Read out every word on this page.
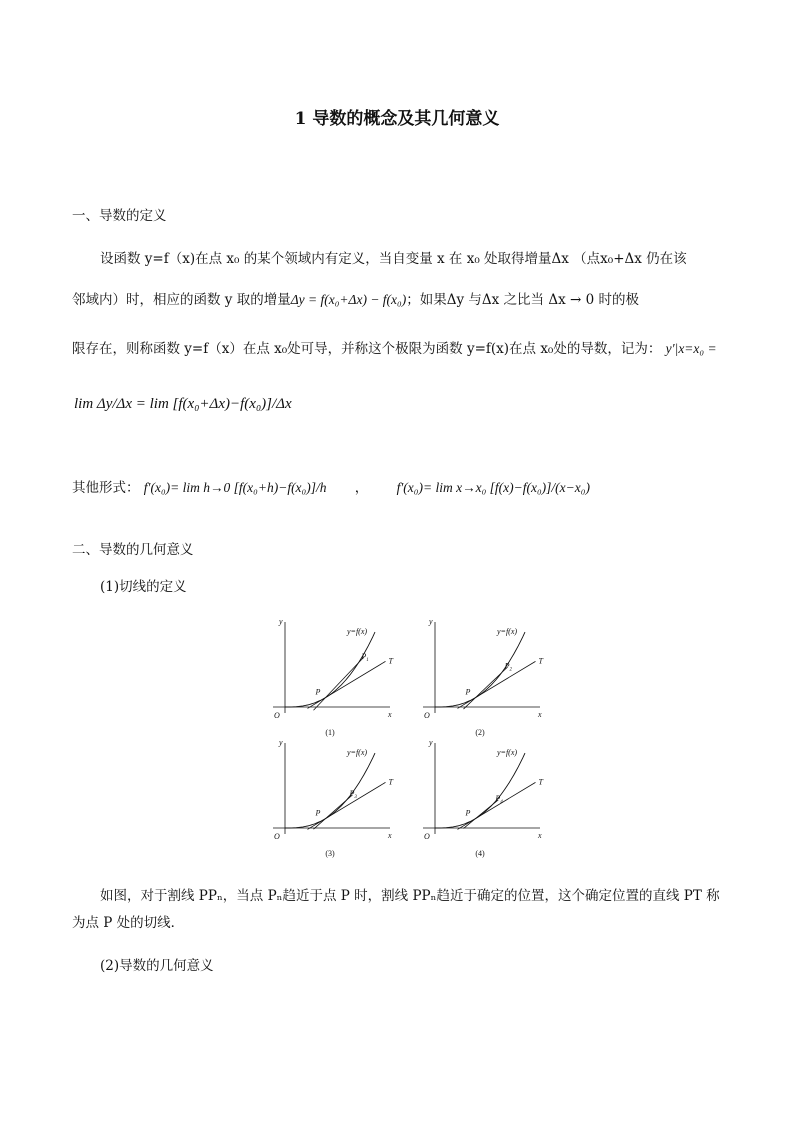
1 导数的概念及其几何意义
一、导数的定义
设函数 y=f（x)在点 x₀ 的某个领域内有定义，当自变量 x 在 x₀ 处取得增量Δx （点x₀+Δx 仍在该
邻域内）时，相应的函数 y 取的增量Δy = f(x₀+Δx) − f(x₀)；如果Δy 与Δx 之比当 Δx → 0 时的极
限存在，则称函数 y=f（x）在点 x₀处可导，并称这个极限为函数 y=f(x)在点 x₀处的导数，记为： y′|x=x₀ =
lim Δy/Δx = lim [f(x₀+Δx)−f(x₀)]/Δx
其他形式： f′(x₀)= lim h→0 [f(x₀+h)−f(x₀)]/h ， f′(x₀)= lim x→x₀ [f(x)−f(x₀)]/(x−x₀)
二、导数的几何意义
(1)切线的定义
x
y
O
y=f(x)
T
P
$P_1$
(1)
x
y
O
y=f(x)
T
P
$P_2$
(2)
x
y
O
y=f(x)
T
P
$P_3$
(3)
x
y
O
y=f(x)
T
P
$P_4$
(4)
如图，对于割线 PPₙ，当点 Pₙ趋近于点 P 时，割线 PPₙ趋近于确定的位置，这个确定位置的直线 PT 称
为点 P 处的切线．
(2)导数的几何意义
